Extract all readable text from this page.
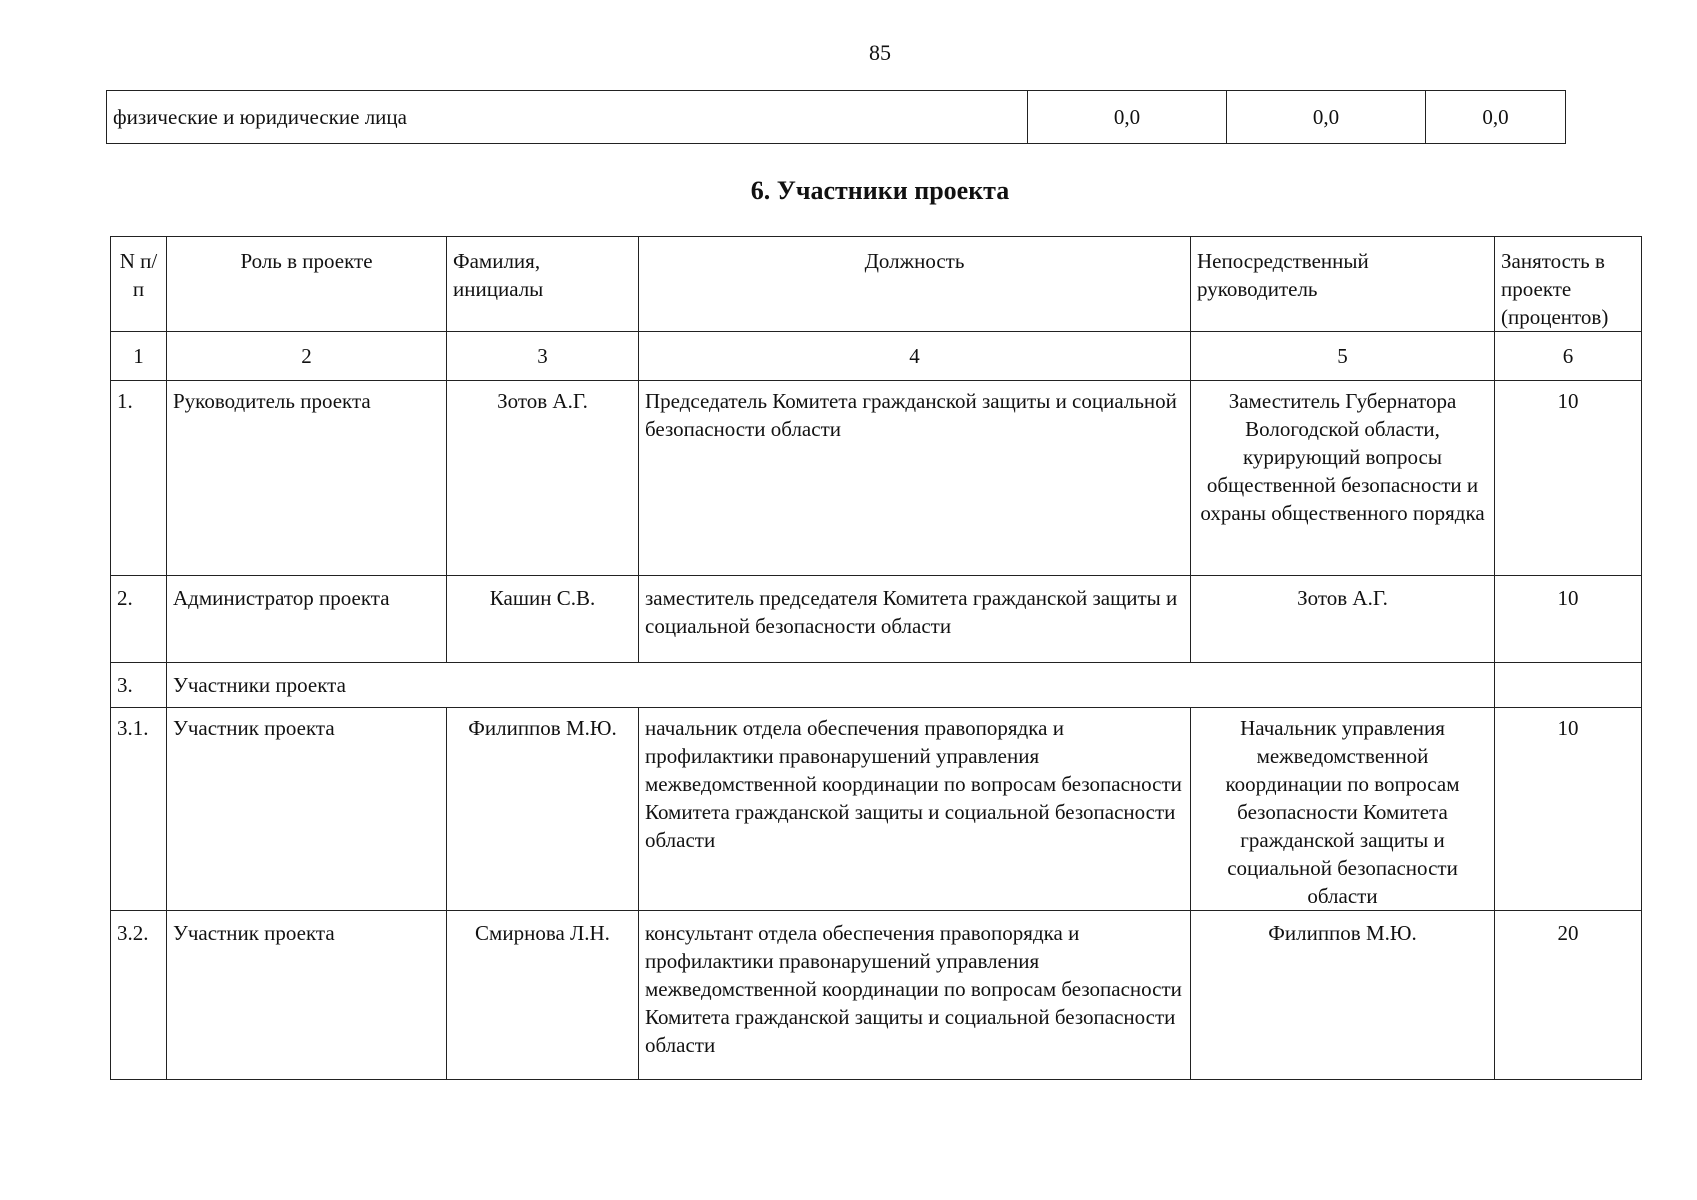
85
физические и юридические лица	0,0	0,0	0,0
6. Участники проекта
N п/п	Роль в проекте	Фамилия, инициалы	Должность	Непосредственный руководитель	Занятость в проекте (процентов)
1	2	3	4	5	6
1.	Руководитель проекта	Зотов А.Г.	Председатель Комитета гражданской защиты и социальной безопасности области	Заместитель Губернатора Вологодской области, курирующий вопросы общественной безопасности и охраны общественного порядка	10
2.	Администратор проекта	Кашин С.В.	заместитель председателя Комитета гражданской защиты и социальной безопасности области	Зотов А.Г.	10
3.	Участники проекта				
3.1.	Участник проекта	Филиппов М.Ю.	начальник отдела обеспечения правопорядка и профилактики правонарушений управления межведомственной координации по вопросам безопасности Комитета гражданской защиты и социальной безопасности области	Начальник управления межведомственной координации по вопросам безопасности Комитета гражданской защиты и социальной безопасности области	10
3.2.	Участник проекта	Смирнова Л.Н.	консультант отдела обеспечения правопорядка и профилактики правонарушений управления межведомственной координации по вопросам безопасности Комитета гражданской защиты и социальной безопасности области	Филиппов М.Ю.	20
